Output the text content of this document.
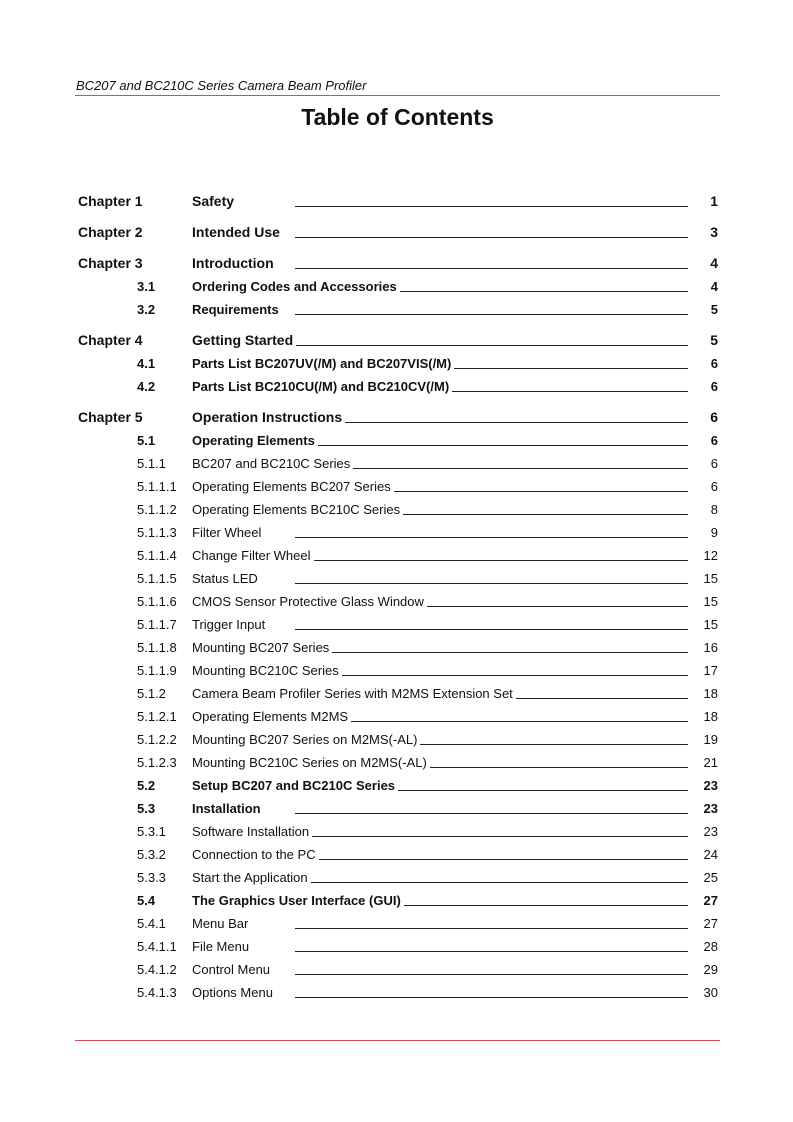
BC207 and BC210C Series Camera Beam Profiler
Table of Contents
Chapter 1	Safety	1
Chapter 2	Intended Use	3
Chapter 3	Introduction	4
3.1	Ordering Codes and Accessories	4
3.2	Requirements	5
Chapter 4	Getting Started	5
4.1	Parts List BC207UV(/M) and BC207VIS(/M)	6
4.2	Parts List BC210CU(/M) and BC210CV(/M)	6
Chapter 5	Operation Instructions	6
5.1	Operating Elements	6
5.1.1	BC207 and BC210C Series	6
5.1.1.1	Operating Elements BC207 Series	6
5.1.1.2	Operating Elements BC210C Series	8
5.1.1.3	Filter Wheel	9
5.1.1.4	Change Filter Wheel	12
5.1.1.5	Status LED	15
5.1.1.6	CMOS Sensor Protective Glass Window	15
5.1.1.7	Trigger Input	15
5.1.1.8	Mounting BC207 Series	16
5.1.1.9	Mounting BC210C Series	17
5.1.2	Camera Beam Profiler Series with M2MS Extension Set	18
5.1.2.1	Operating Elements M2MS	18
5.1.2.2	Mounting BC207 Series on M2MS(-AL)	19
5.1.2.3	Mounting BC210C Series on M2MS(-AL)	21
5.2	Setup BC207 and BC210C Series	23
5.3	Installation	23
5.3.1	Software Installation	23
5.3.2	Connection to the PC	24
5.3.3	Start the Application	25
5.4	The Graphics User Interface (GUI)	27
5.4.1	Menu Bar	27
5.4.1.1	File Menu	28
5.4.1.2	Control Menu	29
5.4.1.3	Options Menu	30
